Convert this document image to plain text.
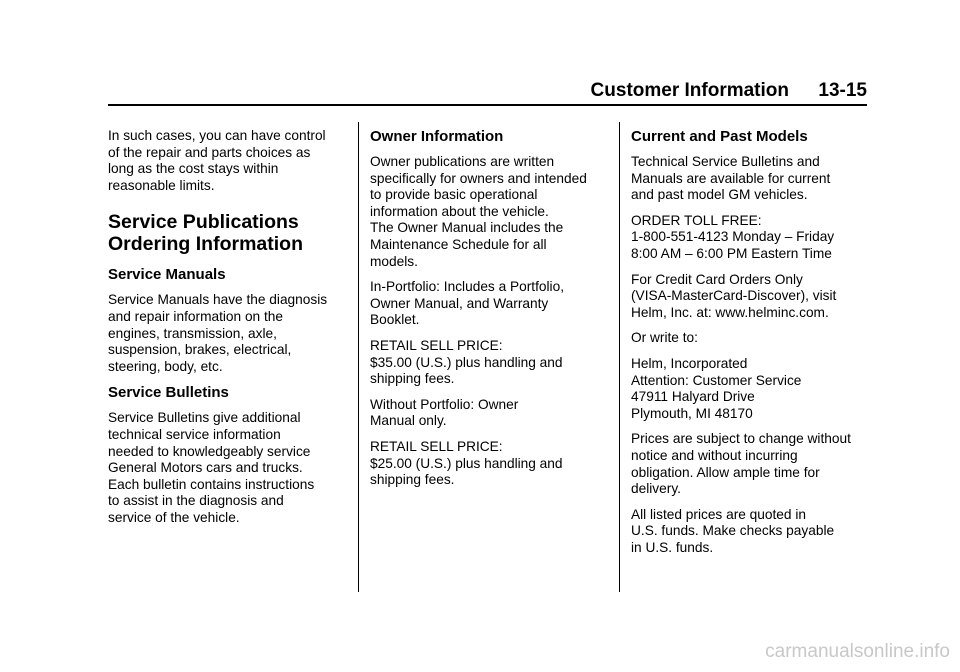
Customer Information 13-15

In such cases, you can have control
of the repair and parts choices as
long as the cost stays within
reasonable limits.

Service Publications
Ordering Information
Service Manuals

Service Manuals have the diagnosis
and repair information on the
engines, transmission, axle,
suspension, brakes, electrical,
steering, body, etc.

Service Bulletins

Service Bulletins give additional
technical service information
needed to knowledgeably service
General Motors cars and trucks.
Each bulletin contains instructions
to assist in the diagnosis and
service of the vehicle.

Owner Information

Owner publications are written
specifically for owners and intended
to provide basic operational
information about the vehicle.
The Owner Manual includes the
Maintenance Schedule for all
models.

In-Portfolio: Includes a Portfolio,
Owner Manual, and Warranty
Booklet.

RETAIL SELL PRICE:
$35.00 (U.S.) plus handling and
shipping fees.

Without Portfolio: Owner
Manual only.

RETAIL SELL PRICE:
$25.00 (U.S.) plus handling and
shipping fees.

Current and Past Models

Technical Service Bulletins and
Manuals are available for current
and past model GM vehicles.

ORDER TOLL FREE:
1-800-551-4123 Monday – Friday
8:00 AM – 6:00 PM Eastern Time

For Credit Card Orders Only
(VISA-MasterCard-Discover), visit
Helm, Inc. at: www.helminc.com.

Or write to:

Helm, Incorporated
Attention: Customer Service
47911 Halyard Drive
Plymouth, MI 48170

Prices are subject to change without
notice and without incurring
obligation. Allow ample time for
delivery.

All listed prices are quoted in
U.S. funds. Make checks payable
in U.S. funds.

carmanualsonline.info
